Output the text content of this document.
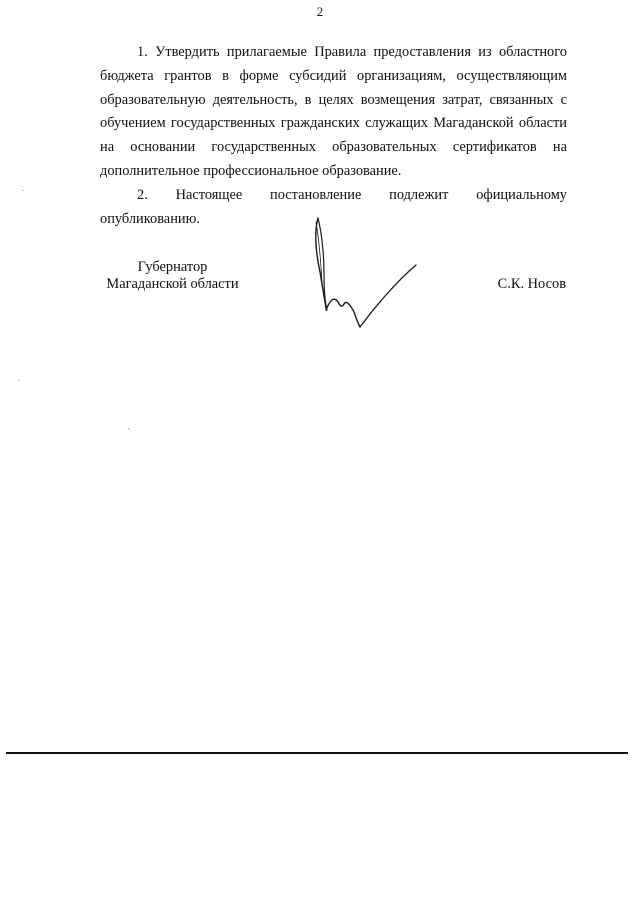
2

1. Утвердить прилагаемые Правила предоставления из областного бюджета грантов в форме субсидий организациям, осуществляющим образовательную деятельность, в целях возмещения затрат, связанных с обучением государственных гражданских служащих Магаданской области на основании государственных образовательных сертификатов на дополнительное профессиональное образование.

2. Настоящее постановление подлежит официальному опубликованию.

Губернатор
Магаданской области	С.К. Носов
